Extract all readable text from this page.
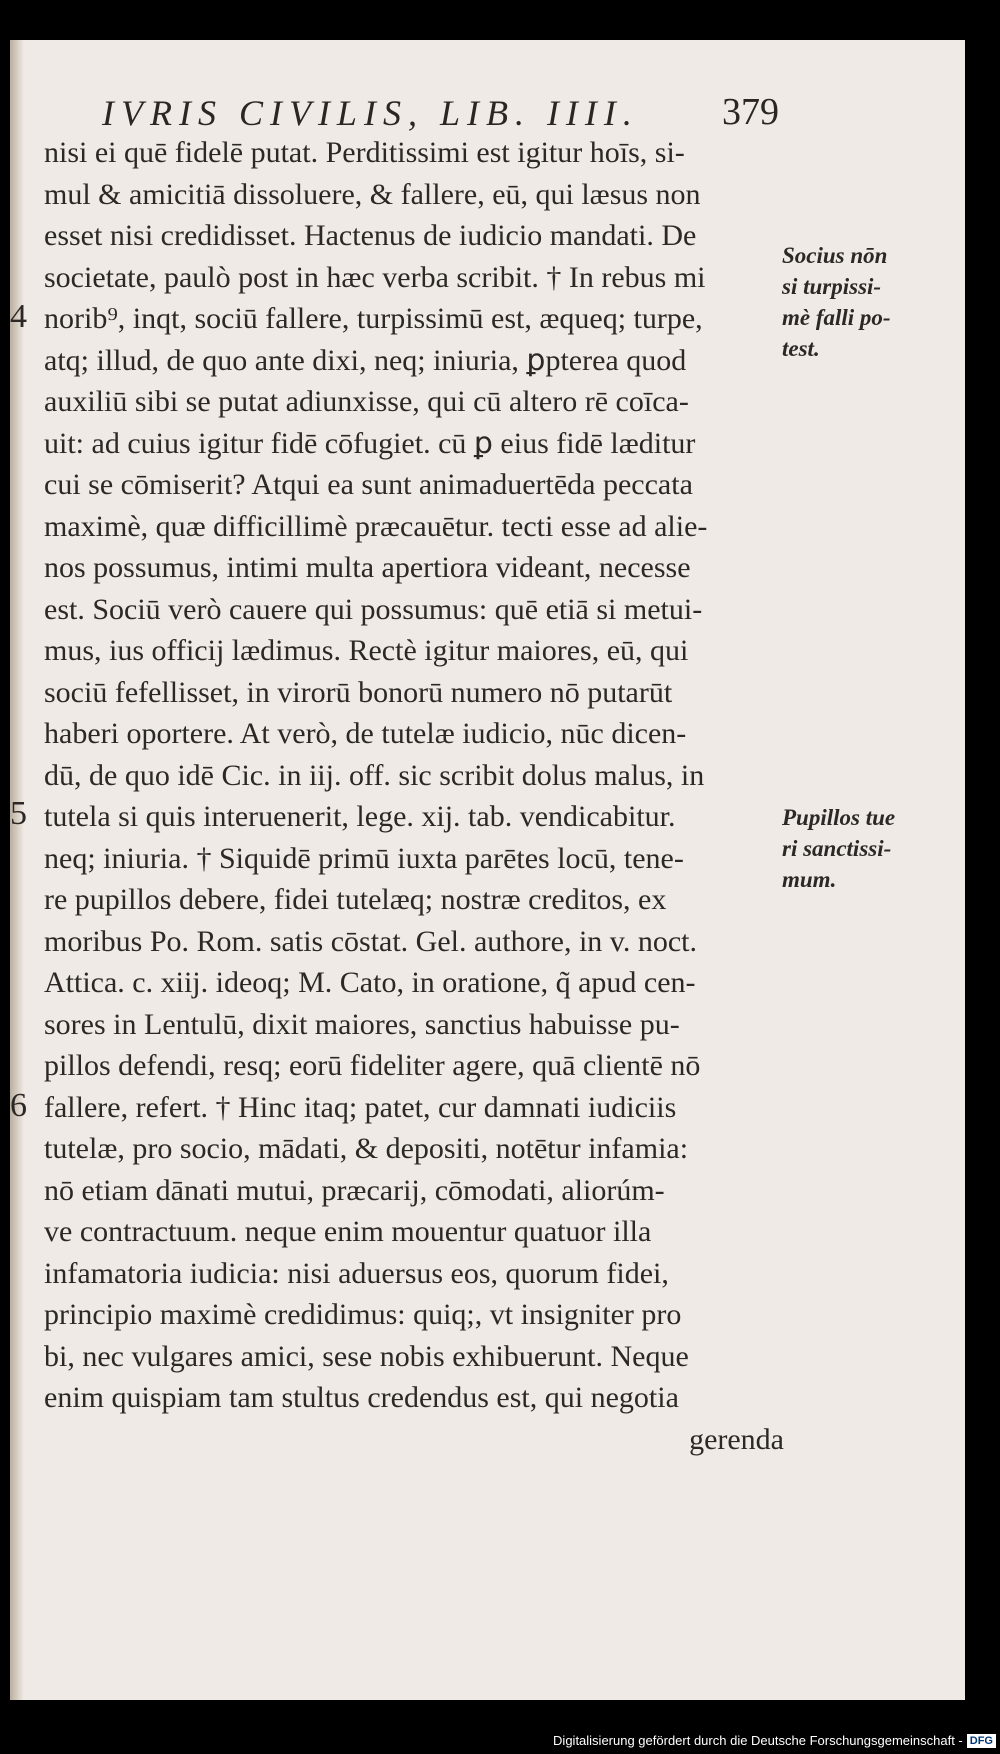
IVRIS CIVILIS, LIB. IIII. 379
4
5
6
nisi ei quē fidelē putat. Perditissimi est igitur hoīs, si-
mul & amicitiā dissoluere, & fallere, eū, qui læsus non
esset nisi credidisset. Hactenus de iudicio mandati. De
societate, paulò post in hæc verba scribit. † In rebus mi
norib⁹, inqt, sociū fallere, turpissimū est, æqueq; turpe,
atq; illud, de quo ante dixi, neq; iniuria, ꝑpterea quod
auxiliū sibi se putat adiunxisse, qui cū altero rē coīca-
uit: ad cuius igitur fidē cōfugiet. cū ꝑ eius fidē læditur
cui se cōmiserit? Atqui ea sunt animaduertēda peccata
maximè, quæ difficillimè præcauētur. tecti esse ad alie-
nos possumus, intimi multa apertiora videant, necesse
est. Sociū verò cauere qui possumus: quē etiā si metui-
mus, ius officij lædimus. Rectè igitur maiores, eū, qui
sociū fefellisset, in virorū bonorū numero nō putarūt
haberi oportere. At verò, de tutelæ iudicio, nūc dicen-
dū, de quo idē Cic. in iij. off. sic scribit dolus malus, in
tutela si quis interuenerit, lege. xij. tab. vendicabitur.
neq; iniuria. † Siquidē primū iuxta parētes locū, tene-
re pupillos debere, fidei tutelæq; nostræ creditos, ex
moribus Po. Rom. satis cōstat. Gel. authore, in v. noct.
Attica. c. xiij. ideoq; M. Cato, in oratione, q̃ apud cen-
sores in Lentulū, dixit maiores, sanctius habuisse pu-
pillos defendi, resq; eorū fideliter agere, quā clientē nō
fallere, refert. † Hinc itaq; patet, cur damnati iudiciis
tutelæ, pro socio, mādati, & depositi, notētur infamia:
nō etiam dānati mutui, præcarij, cōmodati, aliorúm-
ve contractuum. neque enim mouentur quatuor illa
infamatoria iudicia: nisi aduersus eos, quorum fidei,
principio maximè credidimus: quiq;, vt insigniter pro
bi, nec vulgares amici, sese nobis exhibuerunt. Neque
enim quispiam tam stultus credendus est, qui negotia
gerenda
Socius nōn
si turpissi-
mè falli po-
test.
Pupillos tue
ri sanctissi-
mum.
Digitalisierung gefördert durch die Deutsche Forschungsgemeinschaft - DFG
